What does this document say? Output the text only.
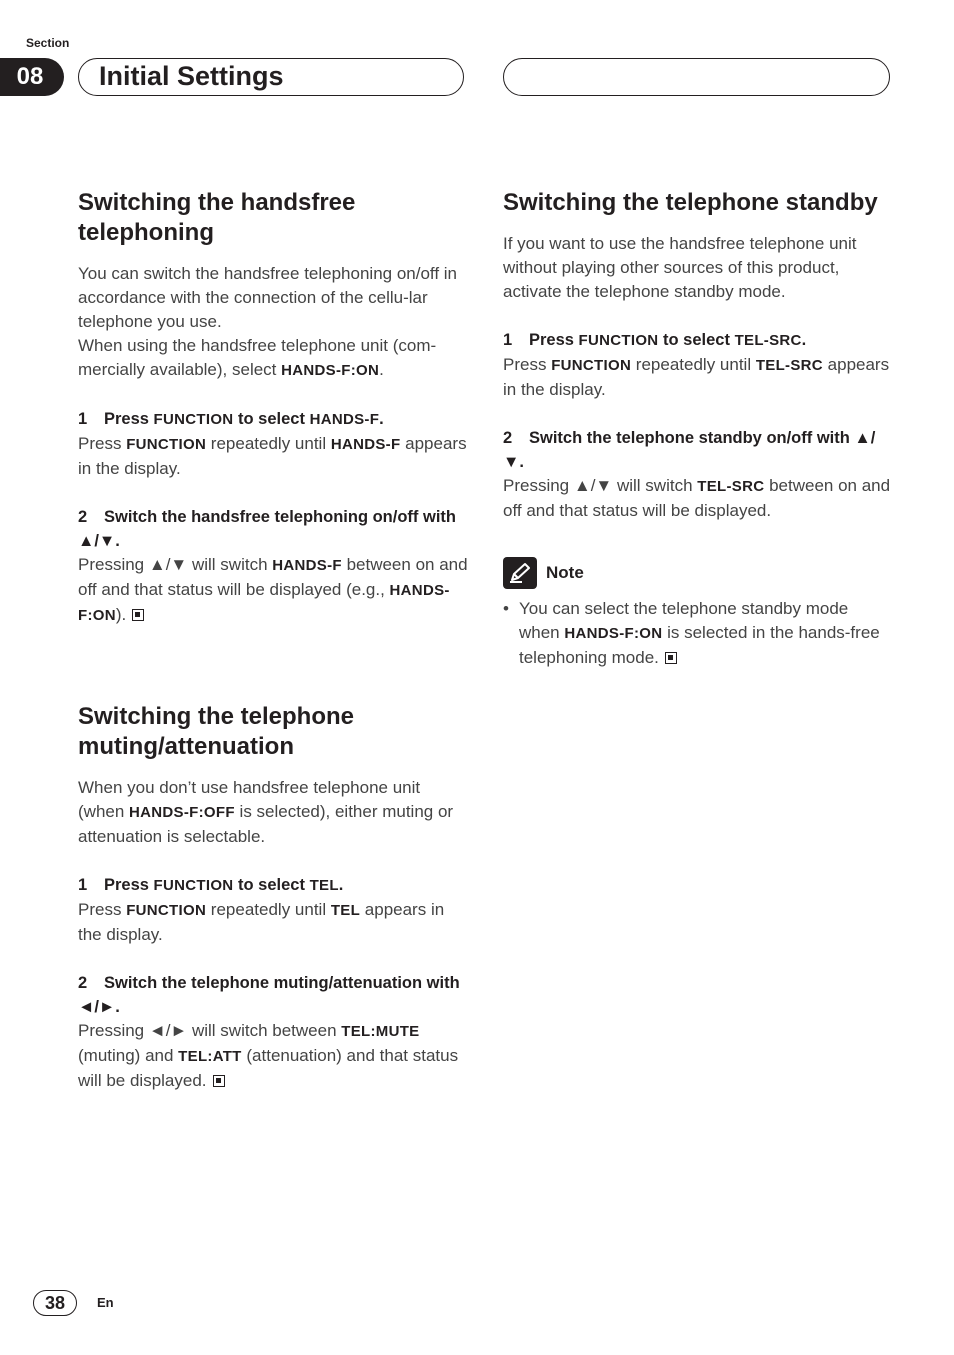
Section
08	Initial Settings
Switching the handsfree telephoning

You can switch the handsfree telephoning on/off in accordance with the connection of the cellu-lar telephone you use.

When using the handsfree telephone unit (com-mercially available), select HANDS-F:ON.

1 Press FUNCTION to select HANDS-F.

Press FUNCTION repeatedly until HANDS-F appears in the display.

2 Switch the handsfree telephoning on/off with ▲/▼.

Pressing ▲/▼ will switch HANDS-F between on and off and that status will be displayed (e.g., HANDS-F:ON).

Switching the telephone muting/attenuation

When you don’t use handsfree telephone unit (when HANDS-F:OFF is selected), either muting or attenuation is selectable.

1 Press FUNCTION to select TEL.

Press FUNCTION repeatedly until TEL appears in the display.

2 Switch the telephone muting/attenuation with ◄/►.

Pressing ◄/► will switch between TEL:MUTE (muting) and TEL:ATT (attenuation) and that status will be displayed.

Switching the telephone standby

If you want to use the handsfree telephone unit without playing other sources of this product, activate the telephone standby mode.

1 Press FUNCTION to select TEL-SRC.

Press FUNCTION repeatedly until TEL-SRC appears in the display.

2 Switch the telephone standby on/off with ▲/▼.

Pressing ▲/▼ will switch TEL-SRC between on and off and that status will be displayed.

Note
• You can select the telephone standby mode when HANDS-F:ON is selected in the hands-free telephoning mode.

38	En
